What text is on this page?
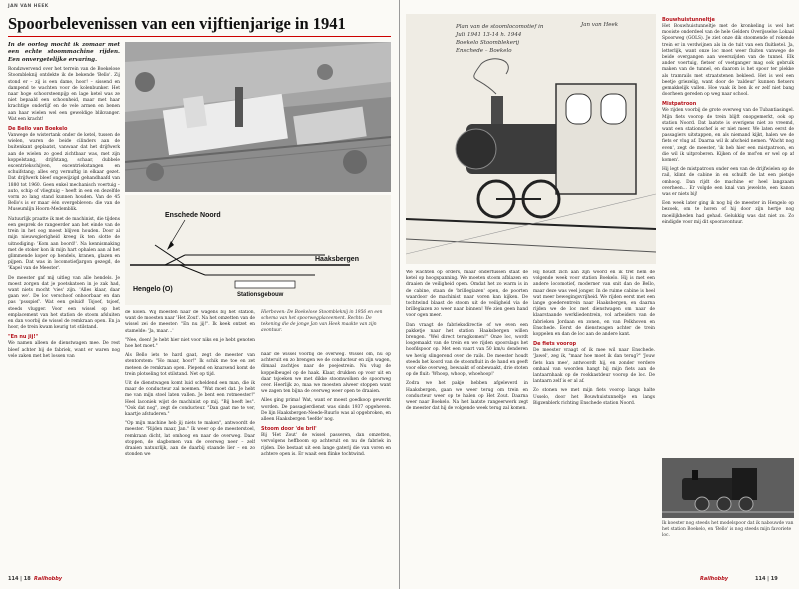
JAN VAN HEEK
Spoorbelevenissen van een vijftienjarige in 1941

In de oorlog mocht ik zomaar met een echte stoommachine rijden. Een onvergetelijke ervaring.

Rondzwervend over het terrein van de Boekelose Stoombleknij ontdekte ik de bekende 'Bello'. Zij stond er – zij is een dame, hoor! – sissend en dampend te wachten voor de kolenbunker. Het naar hoge schoorsteenpijp en lage ketel was ze niet bepaald een schoonheid, maar met haar krachtige onderlijf en de vele armen en benen aan haar wielen wel een geweldige blikvanger. Wat een kracht!

De Bello van Boekelo

Vanwege de wistertank onder de ketel, tussen de wielen, waren de beide cilinders aan de buitenkant geplaatst, vanwaar dat het drijfwerk aan de wielen zo goed zichtbaar was, met zijn koppelstang, drijfstang, schaar, dubbele excentriekschijven, excentriekstangen en schuifstang; alles erg vernuftig in elkaar gezet. Dat drijfwerk bleef ongewijzigd gehandhaafd van 1880 tot 1960. Geen enkel mechanisch voertuig – auto, schip of vliegtuig – heeft in een en dezelfde vorm zo lang stand kunnen houden. Van de 45 Bello's is er maar één overgebleven: die van de Museumlijn Hoorn-Medemblik.

Natuurlijk praatte ik met de machinist, die tijdens een gesprek de rangeerder aan het einde van de trein in het oog moest blijven houden. Door al mijn nieuwsgierigheid kreeg ik ten slotte de uitnodiging: 'Kom aan boord!'. Na kennismaking met de stoker kon ik mijn hart ophalen aan al het glimmende koper op hendels, kranen, glazen en pijpen. Dat was in locomotiefjargon gezegd, de 'Kapel van de Meester'.

De meester gaf mij uitleg van alle hendels. Je moest zorgen dat je poetskatoen in je zak had, want niets mocht 'vies' zijn. 'Alles klaar, daar gaan we'. De loc verschoof onhoorbaar en dan pas 'pssspief'. Wat een geluid! Tsjoef, tsjoef, steeds vlugger. Voor een wissel op het emplacement van het station de stoom afsluiten en dan voorbij de wissel de remkraan open. En ja hoor, de trein kwam keurig tot stilstand.

"En nu jij!"

We namen alleen de dienstwagen mee. De rest bleef achter bij de fabriek, want er waren nog vele zaken met het lossen van

Enschede Noord
Haaksbergen
Hengelo (O)
Stationsgebouw

de kolen. Wij moesten naar de wagens bij het station, want de moesten naar 'Het Zout'. Na het omzetten van de wissel zei de meester: "En nu jij!". Ik keek ontzet en stamelde: 'Ja, maar…'

"Nee, doen! Je hebt hier niet voor niks en je hebt genoten hoe het moet."

Als Bello iets te hard gaat, zegt de meester van stentorstem: "Ho maar, hoor!" Ik schik me toe en zet meteen de remkraan open. Piepend en knarsend komt de trein plotseling tot stilstand. Net op tijd.

Uit de dienstwagen komt luid scheldend een man, die ik maar de conducteur zal noemen. "Wat moet dat. Je hebt me van mijn stoel laten vallen. Je bent een rotmeester!" Heel laconiek wijst de machinist op mij. "Bij heeft les". "Ook dat nog", zegt de conducteur. "Dan gaat me te ver, kaartje afstuderen."

"Op mijn machine heb jij niets te maken", antwoordt de meester. "Rijden maar, Jan." Ik weer op de meesterstoel, remkraan dicht, lat omhoog en naar de overweg. Daar stoppen, de slagbomen van de overweg neer – zelf draaien natuurlijk, aan de daarbij staande lier – en zo stonden we

Hierboven: De Boekelose Stoombleknij in 1956 en een schema van het spoorwegplaceement. Rechts: De tekening die de jonge Jan van Heek maakte van zijn avontuur.

naar de wissel voorbij de overweg. Wissel om, nu op achteruit en zo brengen we de conducteur en zijn wagen, dimaal zachtjes naar de poejestrein. Nu vlug de koppelbeugel op de haak. Klaar, drukken op voor uit en daar tsjoeken we met dikke stoomwolken de spoorweg over. Heerlijk zo, maa we moesten alweer stoppen want we zagen ten bijna de overweg weer open te draaien.

Alles ging prima! Wat, want er moest goedkoop gewerkt worden. De passagierdienst was sinds 1937 opgeheven. De lijn Haaksbergen-Neede-Ruurlo was al opgebroken, en alleen Haaksbergen 'leefde' nog.

Stoom door 'de bril'

Bij 'Het Zout' de wissel passeren, dan omzetten, vervolgens heffboom op achteruit en nu de fabriek in rijden. Die bestaat uit een lange gaterij die van voren en achtere open is. Er waait een flinke tochtwind.

114 | 18 Railhobby
Plan van de stoomlocomotief in
Juli 1941 13-14 h. 1944
Boekelo Stoomblekerij
Enschede – Boekelo
Jan van Heek

We wachten op orders, maar ondertussen staat de ketel op hoogspanning. We moeten stoom afblazen en draaien de veiligheid open. Omdat het zo warm is in de cabine, staan de 'brillegiazen' open, de poorten waardoor de machinist naar voren kan kijken. De tochtwind blaast de stoom uit de veiligheid via de brillegiazen zo weer naar binnen! We zien geen hand voor ogen meer.

Dan vraagt de fabrieksdirectie of we even een pakketje naar het station Haaksbergen willen brengen. "Wel direct terugkomen!" Onze loc, wordt losgemaakt van de trein en we rijden spoorslags het hoofdspoor op. Met een vaart van 50 km/u denderen we hevig slingerend over de rails. De meester houdt steeds het koord van de stoomfluit in de hand en geeft voor elke overweg, bewaakt of onbewaakt, drie stoten op de fluit: 'Whoop, whoop, whoehoop!'

Zodra we het pakje hebben afgeleverd in Haaksbergen, gaan we weer terug om trein en conducteur weer op te halen op Het Zout. Daarna weer naar Boekelo. Na het laatste rangeerwerk zegt de meester dat hij de volgende week terug zal komen.

Hij houdt zich aan zijn woord en ik tref hem de volgende week voor station Boekelo. Hij is met een andere locomotief, moderner van snit dan de Bello, maar deze was veel jonger. In de ruime cabine is heel wat meer bewegingsvrijheid. We rijden eerst met een lange goederentrein naar Haaksbergen, en daarna rijden we de loc met dienstwagen om naar de klaarstaande werkliedentrein, vol arbeiders van de fabrieken Jordaan en zonen, en van Pelkhoven en Enschede. Eerst de dienstwagen achter de trein koppelen en dan de loc aan de andere kant.

De fiets voorop

De meester vraagt of ik mee wil naar Enschede. 'Jawel', zeg ik, "maar hoe moet ik dan terug?" 'Jouw fiets kan mee', antwoordt hij, en zonder verdere omhaal van woorden hangt hij mijn fiets aan de lantaarnhaak op de rookkastdeur voorop de loc. De lantaarn zelf is er al af.

Zo stonen we met mijn fiets voorop langs halte Usselo, door het Bouwhuistunneltje en langs Bigzenblerk richting Enschede station Noord.

Bouwhuistunneltje

Het Bouwhuistunneltje met de kronkeling is wel het mooiste onderdeel van de hele Gelders Overijsselse Lokaal Spoorweg (GOLS). Je ziet onze dik stoomende of rokende trein er in verdwijnen als in de tuit van een fluitketel. Ja, letterlijk, want onze loc moet weer fluiten vanwege de beide overgangen aan weerszijden van de tunnel. Elk ander voertuig, fietser of voetganger mag ook gebruik maken van de tunnel, en daarom is het spoor ter plekke als tramrails met straatstenen bekleed. Het is wel een beetje griezelig, want door de 'zaldeur' kunnen fietsers gemakkelijk vallen. Hoe vaak ik ben ik er zelf niet bang doorheen gereden op weg naar school.

Mistpatroon

We rijden voorbij de grote overweg van de Tubantiasingel. Mijn fiets voorop de trein blijft onopgemerkt, ook op station Noord. Dat laatste is overigens niet zo vreemd, want een stationschef is er niet meer. We laten eerst de passagiers uitstappen, en als niemand kijkt, halen we de fiets er vlug af. Daarna wil ik afscheid nemen. 'Wacht nog even', zegt de meester, 'ik heb hier een mistpatroon, en die wil ik uitproberen. Kijken of de mof'en er wel op af komen'.

Hij legt de mistpatroon onder een van de drijfwielen op de rail, klimt de cabine in en schuift de lat een pietsje omhoog. Dan rijdt de machine er heel langzaam overheen... Er volgde een knal van jewelste, een kanon was er niets bij!

Een week later ging ik nog bij de meester in Hengelo op bezoek, om te horen of hij door zijn hertje nog moeilijkheden had gehad. Gelukkig was dat niet zo. Zo eindigde voor mij dit spooravontuur.

Ik koester nog steeds het modelspoor dat ik nabouwde van het station Boekelo, en 'Bello' is nog steeds mijn favoriete loc.
Railhobby	114 | 19
